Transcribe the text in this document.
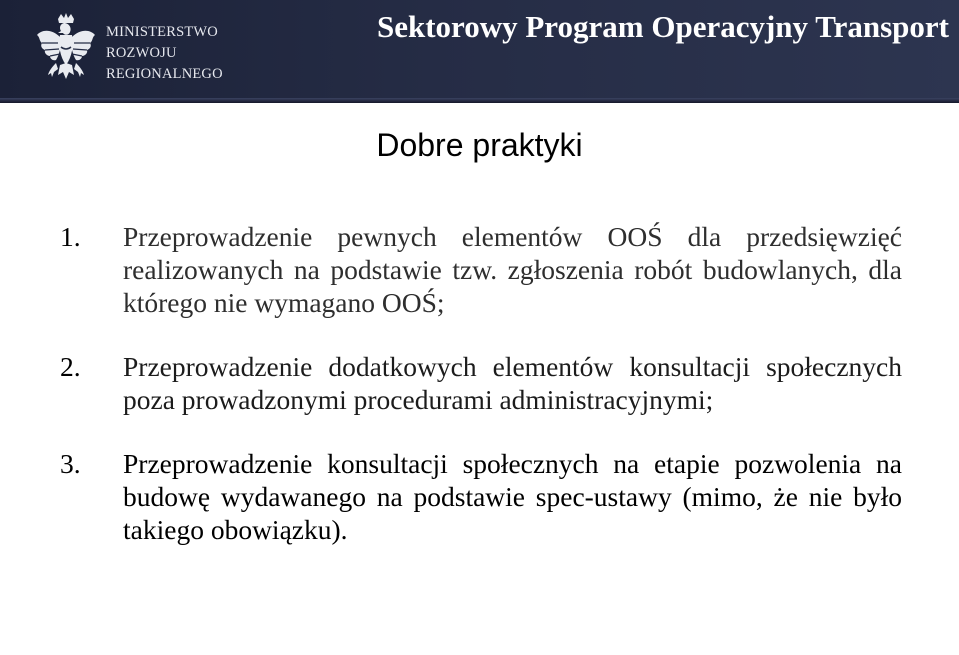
MINISTERSTWO
ROZWOJU
REGIONALNEGO
Sektorowy Program Operacyjny Transport
Dobre praktyki
1.	Przeprowadzenie pewnych elementów OOŚ dla przedsięwzięć realizowanych na podstawie tzw. zgłoszenia robót budowlanych, dla którego nie wymagano OOŚ;
2.	Przeprowadzenie dodatkowych elementów konsultacji społecznych poza prowadzonymi procedurami administracyjnymi;
3.	Przeprowadzenie konsultacji społecznych na etapie pozwolenia na budowę wydawanego na podstawie spec-ustawy (mimo, że nie było takiego obowiązku).
